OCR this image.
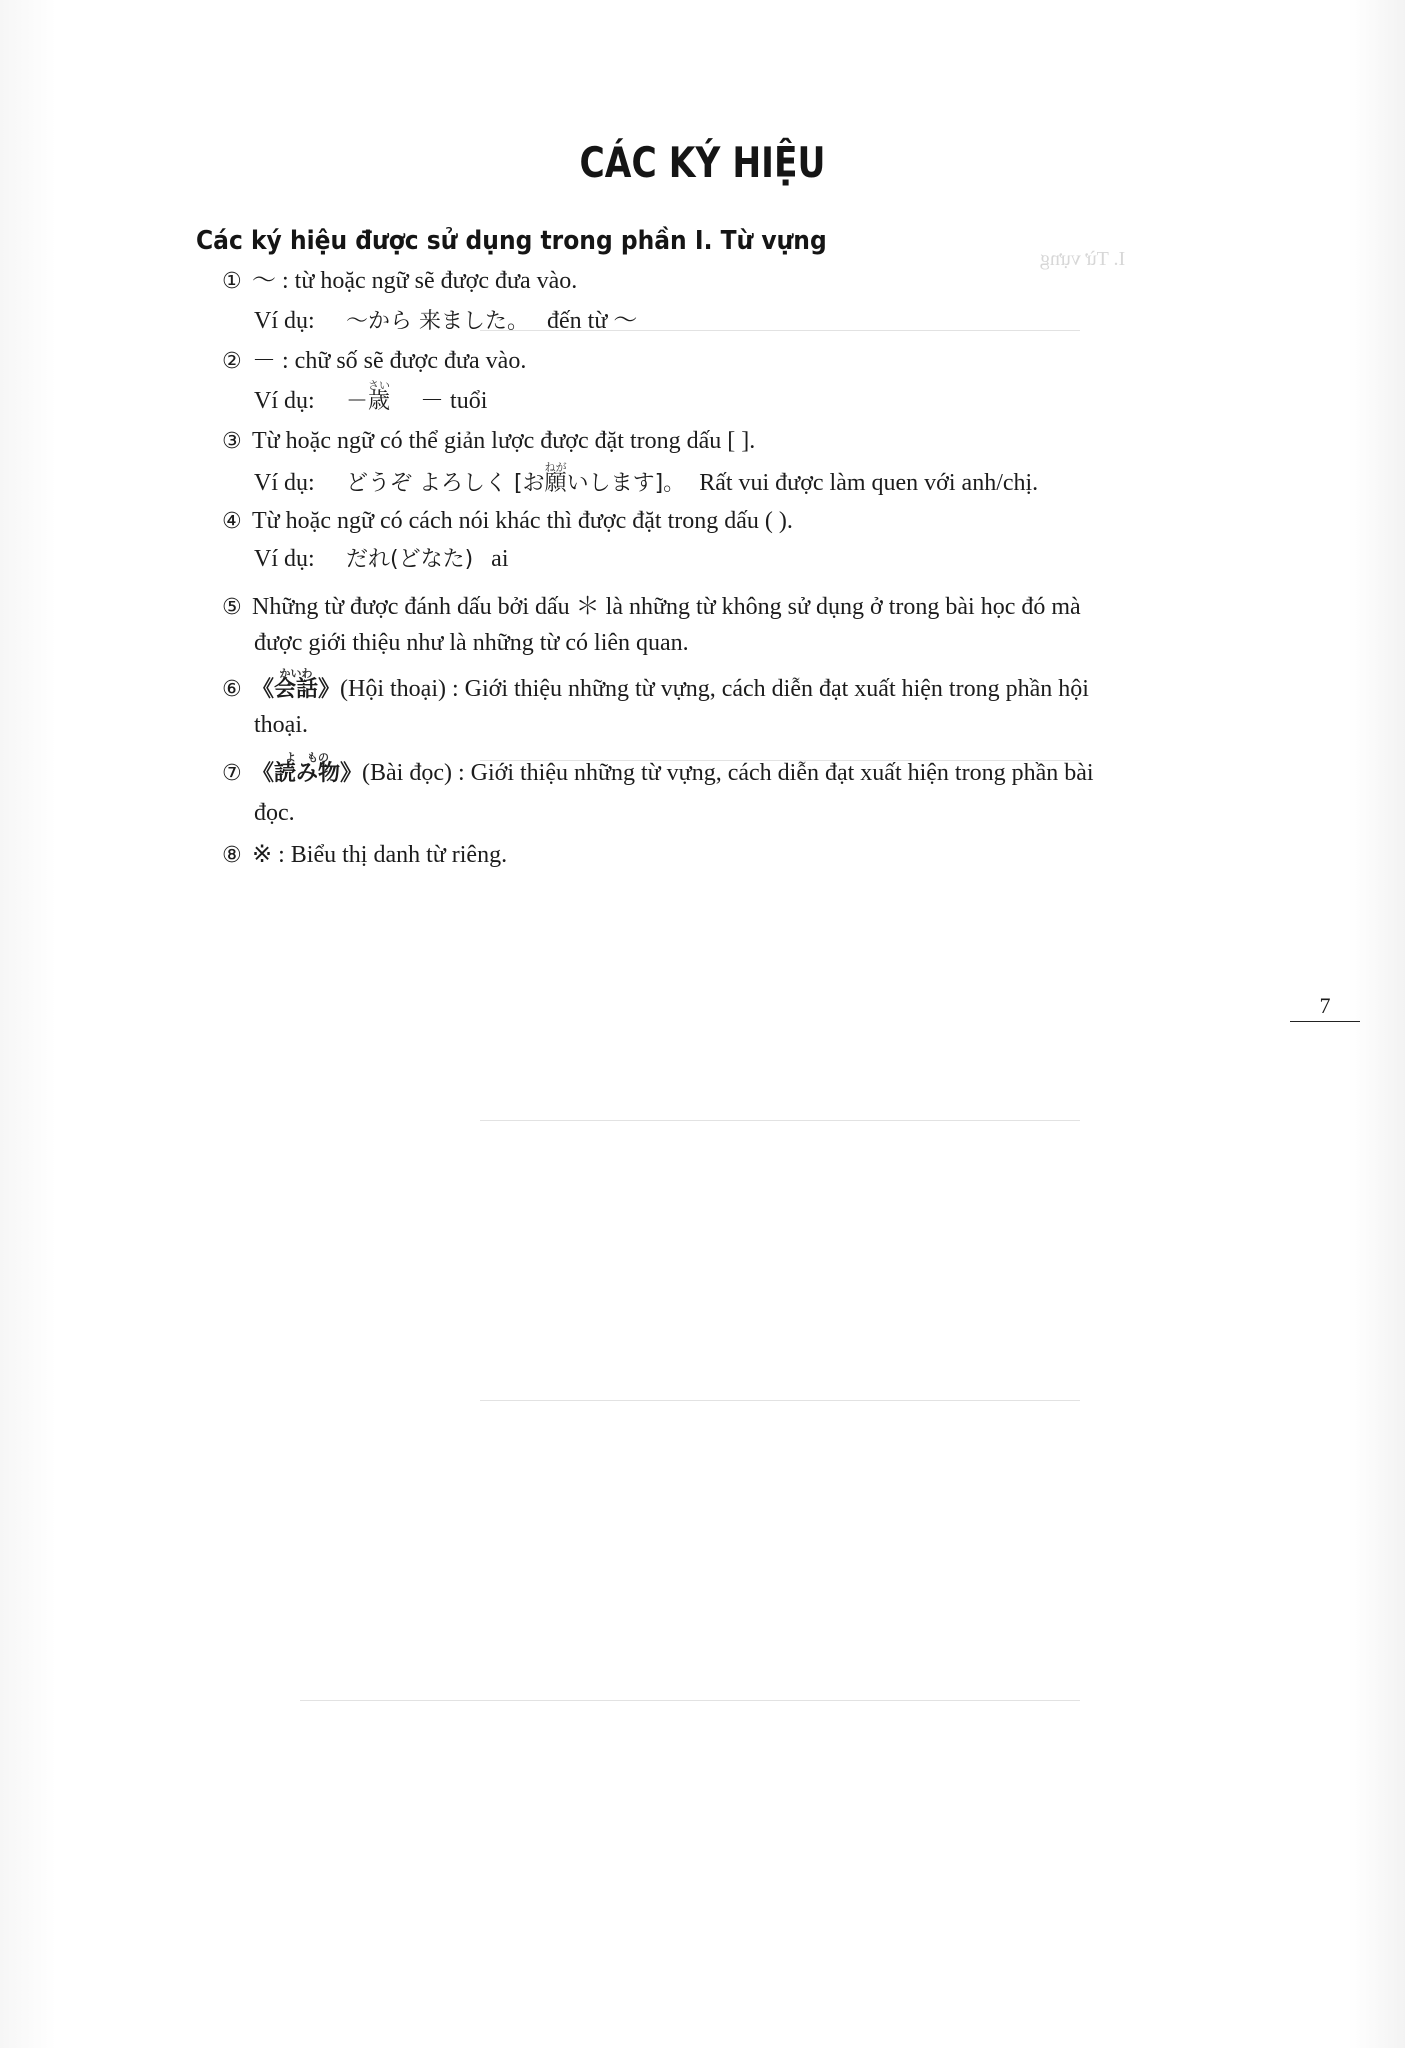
I. Từ vựng
CÁC KÝ HIỆU
Các ký hiệu được sử dụng trong phần I. Từ vựng
① ～ : từ hoặc ngữ sẽ được đưa vào.
Ví dụ: ～から 来ました。 đến từ ～
② － : chữ số sẽ được đưa vào.
Ví dụ: －
さい
歳 － tuổi
③ Từ hoặc ngữ có thể giản lược được đặt trong dấu [ ].
Ví dụ: どうぞ よろしく [お
ねが
願いします]。 Rất vui được làm quen với anh/chị.
④ Từ hoặc ngữ có cách nói khác thì được đặt trong dấu ( ).
Ví dụ: だれ(どなた) ai
⑤ Những từ được đánh dấu bởi dấu ＊ là những từ không sử dụng ở trong bài học đó mà
được giới thiệu như là những từ có liên quan.
⑥
かいわ
《会話》(Hội thoại) : Giới thiệu những từ vựng, cách diễn đạt xuất hiện trong phần hội
thoại.
⑦
よ　もの
《読み物》(Bài đọc) : Giới thiệu những từ vựng, cách diễn đạt xuất hiện trong phần bài
đọc.
⑧ ※ : Biểu thị danh từ riêng.
7
